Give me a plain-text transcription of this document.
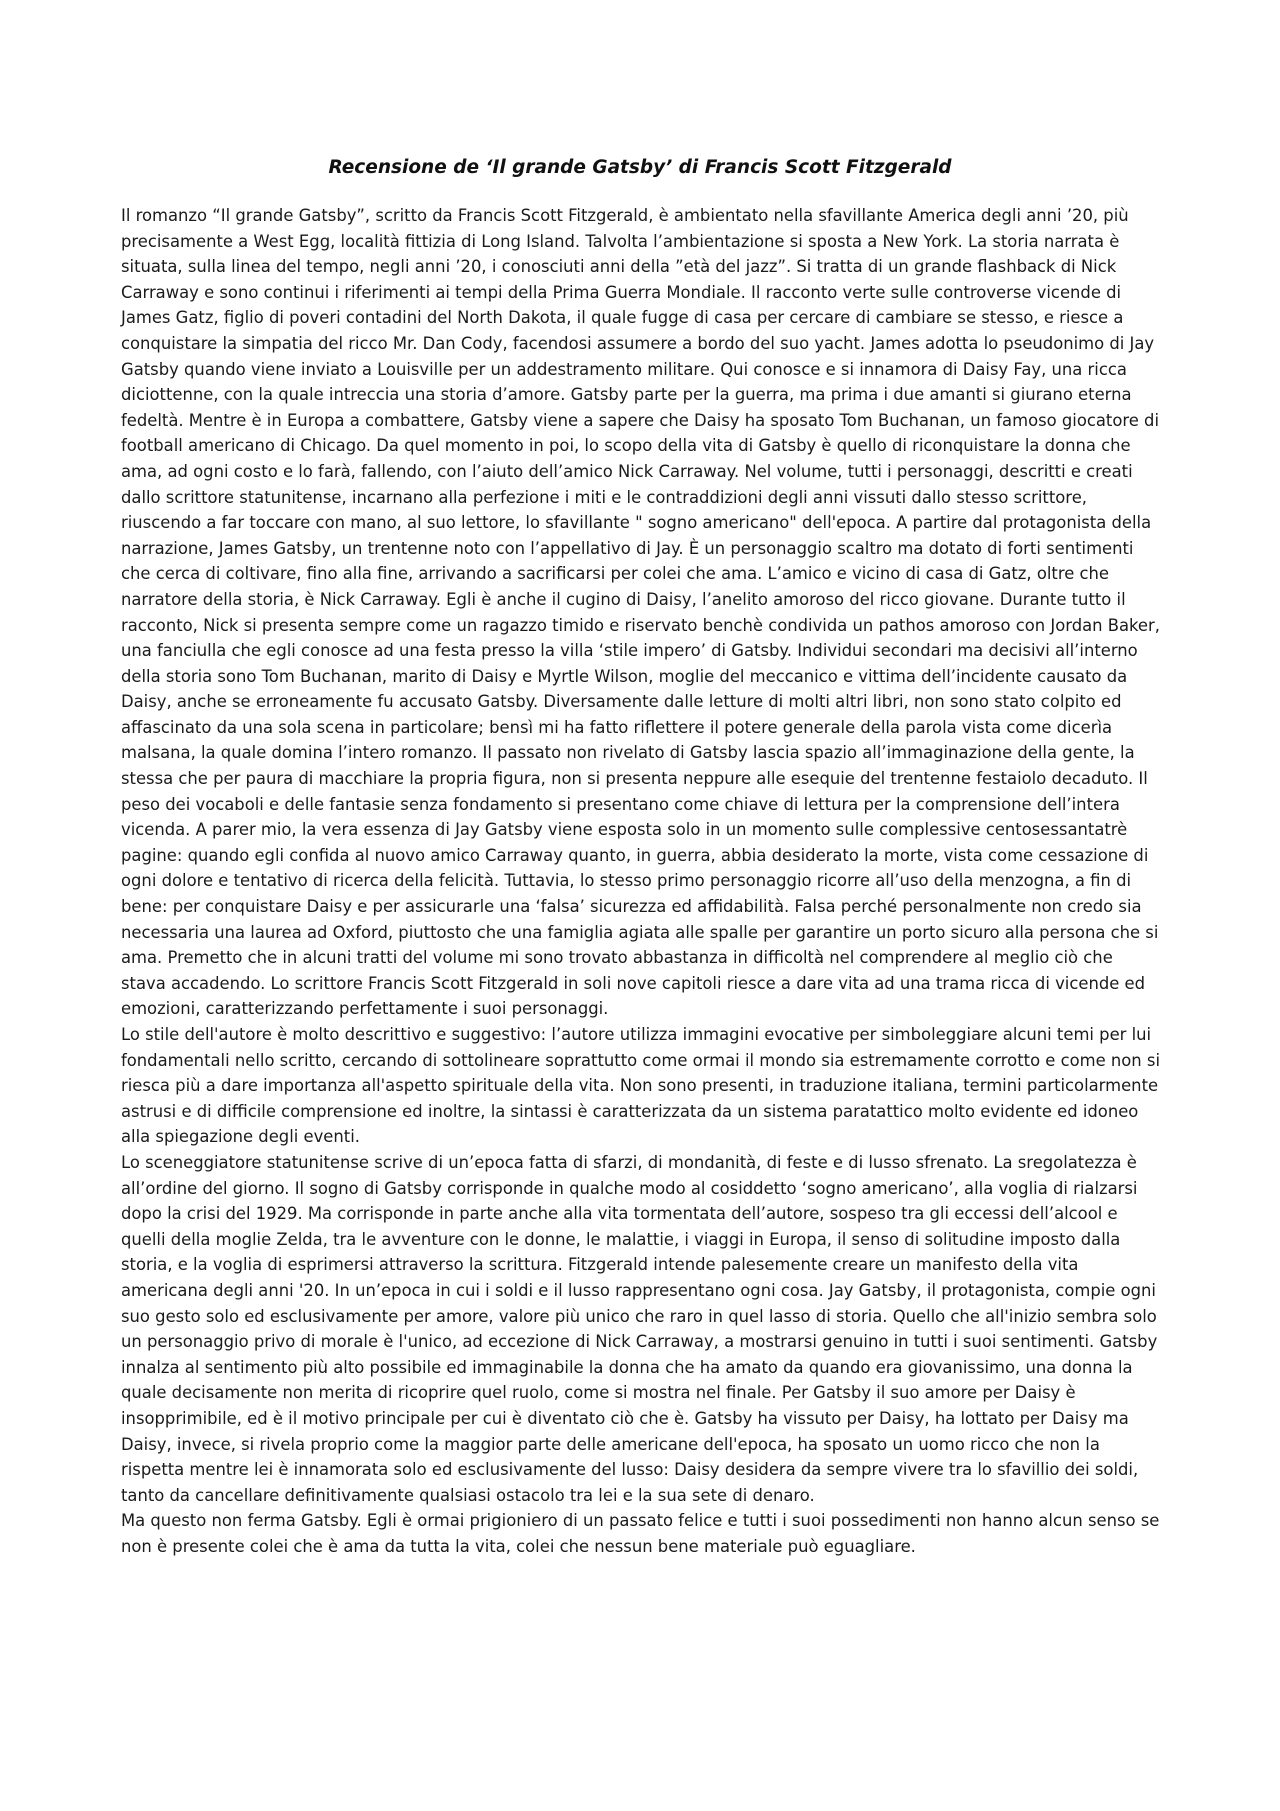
Recensione de ‘Il grande Gatsby’ di Francis Scott Fitzgerald

Il romanzo “Il grande Gatsby”, scritto da Francis Scott Fitzgerald, è ambientato nella sfavillante America degli anni ’20, più precisamente a West Egg, località fittizia di Long Island. Talvolta l’ambientazione si sposta a New York. La storia narrata è situata, sulla linea del tempo, negli anni ’20, i conosciuti anni della ”età del jazz”. Si tratta di un grande flashback di Nick Carraway e sono continui i riferimenti ai tempi della Prima Guerra Mondiale. Il racconto verte sulle controverse vicende di James Gatz, figlio di poveri contadini del North Dakota, il quale fugge di casa per cercare di cambiare se stesso, e riesce a conquistare la simpatia del ricco Mr. Dan Cody, facendosi assumere a bordo del suo yacht. James adotta lo pseudonimo di Jay Gatsby quando viene inviato a Louisville per un addestramento militare. Qui conosce e si innamora di Daisy Fay, una ricca diciottenne, con la quale intreccia una storia d’amore. Gatsby parte per la guerra, ma prima i due amanti si giurano eterna fedeltà. Mentre è in Europa a combattere, Gatsby viene a sapere che Daisy ha sposato Tom Buchanan, un famoso giocatore di football americano di Chicago. Da quel momento in poi, lo scopo della vita di Gatsby è quello di riconquistare la donna che ama, ad ogni costo e lo farà, fallendo, con l’aiuto dell’amico Nick Carraway. Nel volume, tutti i personaggi, descritti e creati dallo scrittore statunitense, incarnano alla perfezione i miti e le contraddizioni degli anni vissuti dallo stesso scrittore, riuscendo a far toccare con mano, al suo lettore, lo sfavillante " sogno americano" dell'epoca. A partire dal protagonista della narrazione, James Gatsby, un trentenne noto con l’appellativo di Jay. È un personaggio scaltro ma dotato di forti sentimenti che cerca di coltivare, fino alla fine, arrivando a sacrificarsi per colei che ama. L’amico e vicino di casa di Gatz, oltre che narratore della storia, è Nick Carraway. Egli è anche il cugino di Daisy, l’anelito amoroso del ricco giovane. Durante tutto il racconto, Nick si presenta sempre come un ragazzo timido e riservato benchè condivida un pathos amoroso con Jordan Baker, una fanciulla che egli conosce ad una festa presso la villa ‘stile impero’ di Gatsby. Individui secondari ma decisivi all’interno della storia sono Tom Buchanan, marito di Daisy e Myrtle Wilson, moglie del meccanico e vittima dell’incidente causato da Daisy, anche se erroneamente fu accusato Gatsby. Diversamente dalle letture di molti altri libri, non sono stato colpito ed affascinato da una sola scena in particolare; bensì mi ha fatto riflettere il potere generale della parola vista come dicerìa malsana, la quale domina l’intero romanzo. Il passato non rivelato di Gatsby lascia spazio all’immaginazione della gente, la stessa che per paura di macchiare la propria figura, non si presenta neppure alle esequie del trentenne festaiolo decaduto. Il peso dei vocaboli e delle fantasie senza fondamento si presentano come chiave di lettura per la comprensione dell’intera vicenda. A parer mio, la vera essenza di Jay Gatsby viene esposta solo in un momento sulle complessive centosessantatrè pagine: quando egli confida al nuovo amico Carraway quanto, in guerra, abbia desiderato la morte, vista come cessazione di ogni dolore e tentativo di ricerca della felicità. Tuttavia, lo stesso primo personaggio ricorre all’uso della menzogna, a fin di bene: per conquistare Daisy e per assicurarle una ‘falsa’ sicurezza ed affidabilità. Falsa perché personalmente non credo sia necessaria una laurea ad Oxford, piuttosto che una famiglia agiata alle spalle per garantire un porto sicuro alla persona che si ama. Premetto che in alcuni tratti del volume mi sono trovato abbastanza in difficoltà nel comprendere al meglio ciò che stava accadendo. Lo scrittore Francis Scott Fitzgerald in soli nove capitoli riesce a dare vita ad una trama ricca di vicende ed emozioni, caratterizzando perfettamente i suoi personaggi.

Lo stile dell'autore è molto descrittivo e suggestivo: l’autore utilizza immagini evocative per simboleggiare alcuni temi per lui fondamentali nello scritto, cercando di sottolineare soprattutto come ormai il mondo sia estremamente corrotto e come non si riesca più a dare importanza all'aspetto spirituale della vita. Non sono presenti, in traduzione italiana, termini particolarmente astrusi e di difficile comprensione ed inoltre, la sintassi è caratterizzata da un sistema paratattico molto evidente ed idoneo alla spiegazione degli eventi.

Lo sceneggiatore statunitense scrive di un’epoca fatta di sfarzi, di mondanità, di feste e di lusso sfrenato. La sregolatezza è all’ordine del giorno. Il sogno di Gatsby corrisponde in qualche modo al cosiddetto ‘sogno americano’, alla voglia di rialzarsi dopo la crisi del 1929. Ma corrisponde in parte anche alla vita tormentata dell’autore, sospeso tra gli eccessi dell’alcool e quelli della moglie Zelda, tra le avventure con le donne, le malattie, i viaggi in Europa, il senso di solitudine imposto dalla storia, e la voglia di esprimersi attraverso la scrittura. Fitzgerald intende palesemente creare un manifesto della vita americana degli anni '20. In un’epoca in cui i soldi e il lusso rappresentano ogni cosa. Jay Gatsby, il protagonista, compie ogni suo gesto solo ed esclusivamente per amore, valore più unico che raro in quel lasso di storia. Quello che all'inizio sembra solo un personaggio privo di morale è l'unico, ad eccezione di Nick Carraway, a mostrarsi genuino in tutti i suoi sentimenti. Gatsby innalza al sentimento più alto possibile ed immaginabile la donna che ha amato da quando era giovanissimo, una donna la quale decisamente non merita di ricoprire quel ruolo, come si mostra nel finale. Per Gatsby il suo amore per Daisy è insopprimibile, ed è il motivo principale per cui è diventato ciò che è. Gatsby ha vissuto per Daisy, ha lottato per Daisy ma Daisy, invece, si rivela proprio come la maggior parte delle americane dell'epoca, ha sposato un uomo ricco che non la rispetta mentre lei è innamorata solo ed esclusivamente del lusso: Daisy desidera da sempre vivere tra lo sfavillio dei soldi, tanto da cancellare definitivamente qualsiasi ostacolo tra lei e la sua sete di denaro.

Ma questo non ferma Gatsby. Egli è ormai prigioniero di un passato felice e tutti i suoi possedimenti non hanno alcun senso se non è presente colei che è ama da tutta la vita, colei che nessun bene materiale può eguagliare.
